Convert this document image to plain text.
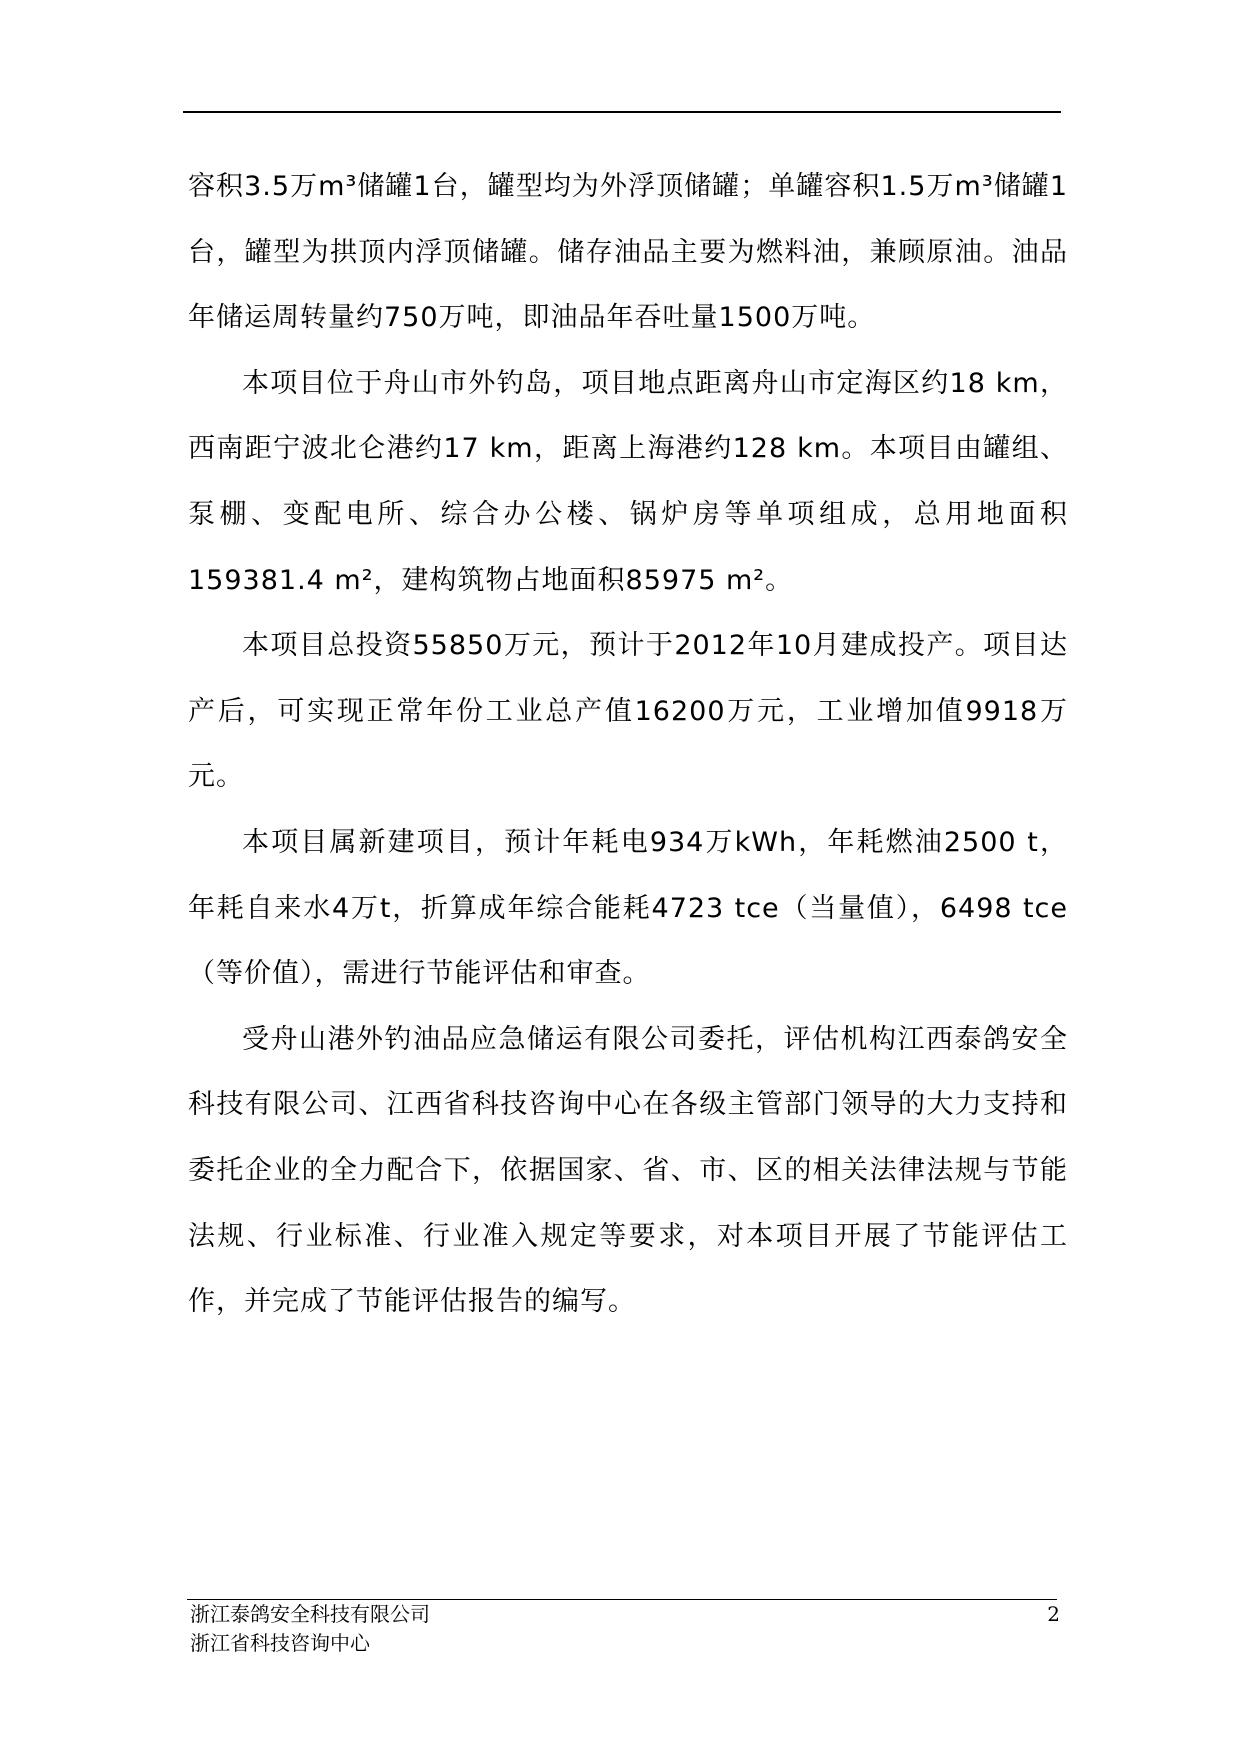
容积3.5万m³储罐1台，罐型均为外浮顶储罐；单罐容积1.5万m³储罐1台，罐型为拱顶内浮顶储罐。储存油品主要为燃料油，兼顾原油。油品年储运周转量约750万吨，即油品年吞吐量1500万吨。

本项目位于舟山市外钓岛，项目地点距离舟山市定海区约18 km，西南距宁波北仑港约17 km，距离上海港约128 km。本项目由罐组、泵棚、变配电所、综合办公楼、锅炉房等单项组成，总用地面积159381.4 m²，建构筑物占地面积85975 m²。

本项目总投资55850万元，预计于2012年10月建成投产。项目达产后，可实现正常年份工业总产值16200万元，工业增加值9918万元。

本项目属新建项目，预计年耗电934万kWh，年耗燃油2500 t，年耗自来水4万t，折算成年综合能耗4723 tce（当量值），6498 tce（等价值），需进行节能评估和审查。

受舟山港外钓油品应急储运有限公司委托，评估机构江西泰鸽安全科技有限公司、江西省科技咨询中心在各级主管部门领导的大力支持和委托企业的全力配合下，依据国家、省、市、区的相关法律法规与节能法规、行业标准、行业准入规定等要求，对本项目开展了节能评估工作，并完成了节能评估报告的编写。

浙江泰鸽安全科技有限公司
浙江省科技咨询中心
2
